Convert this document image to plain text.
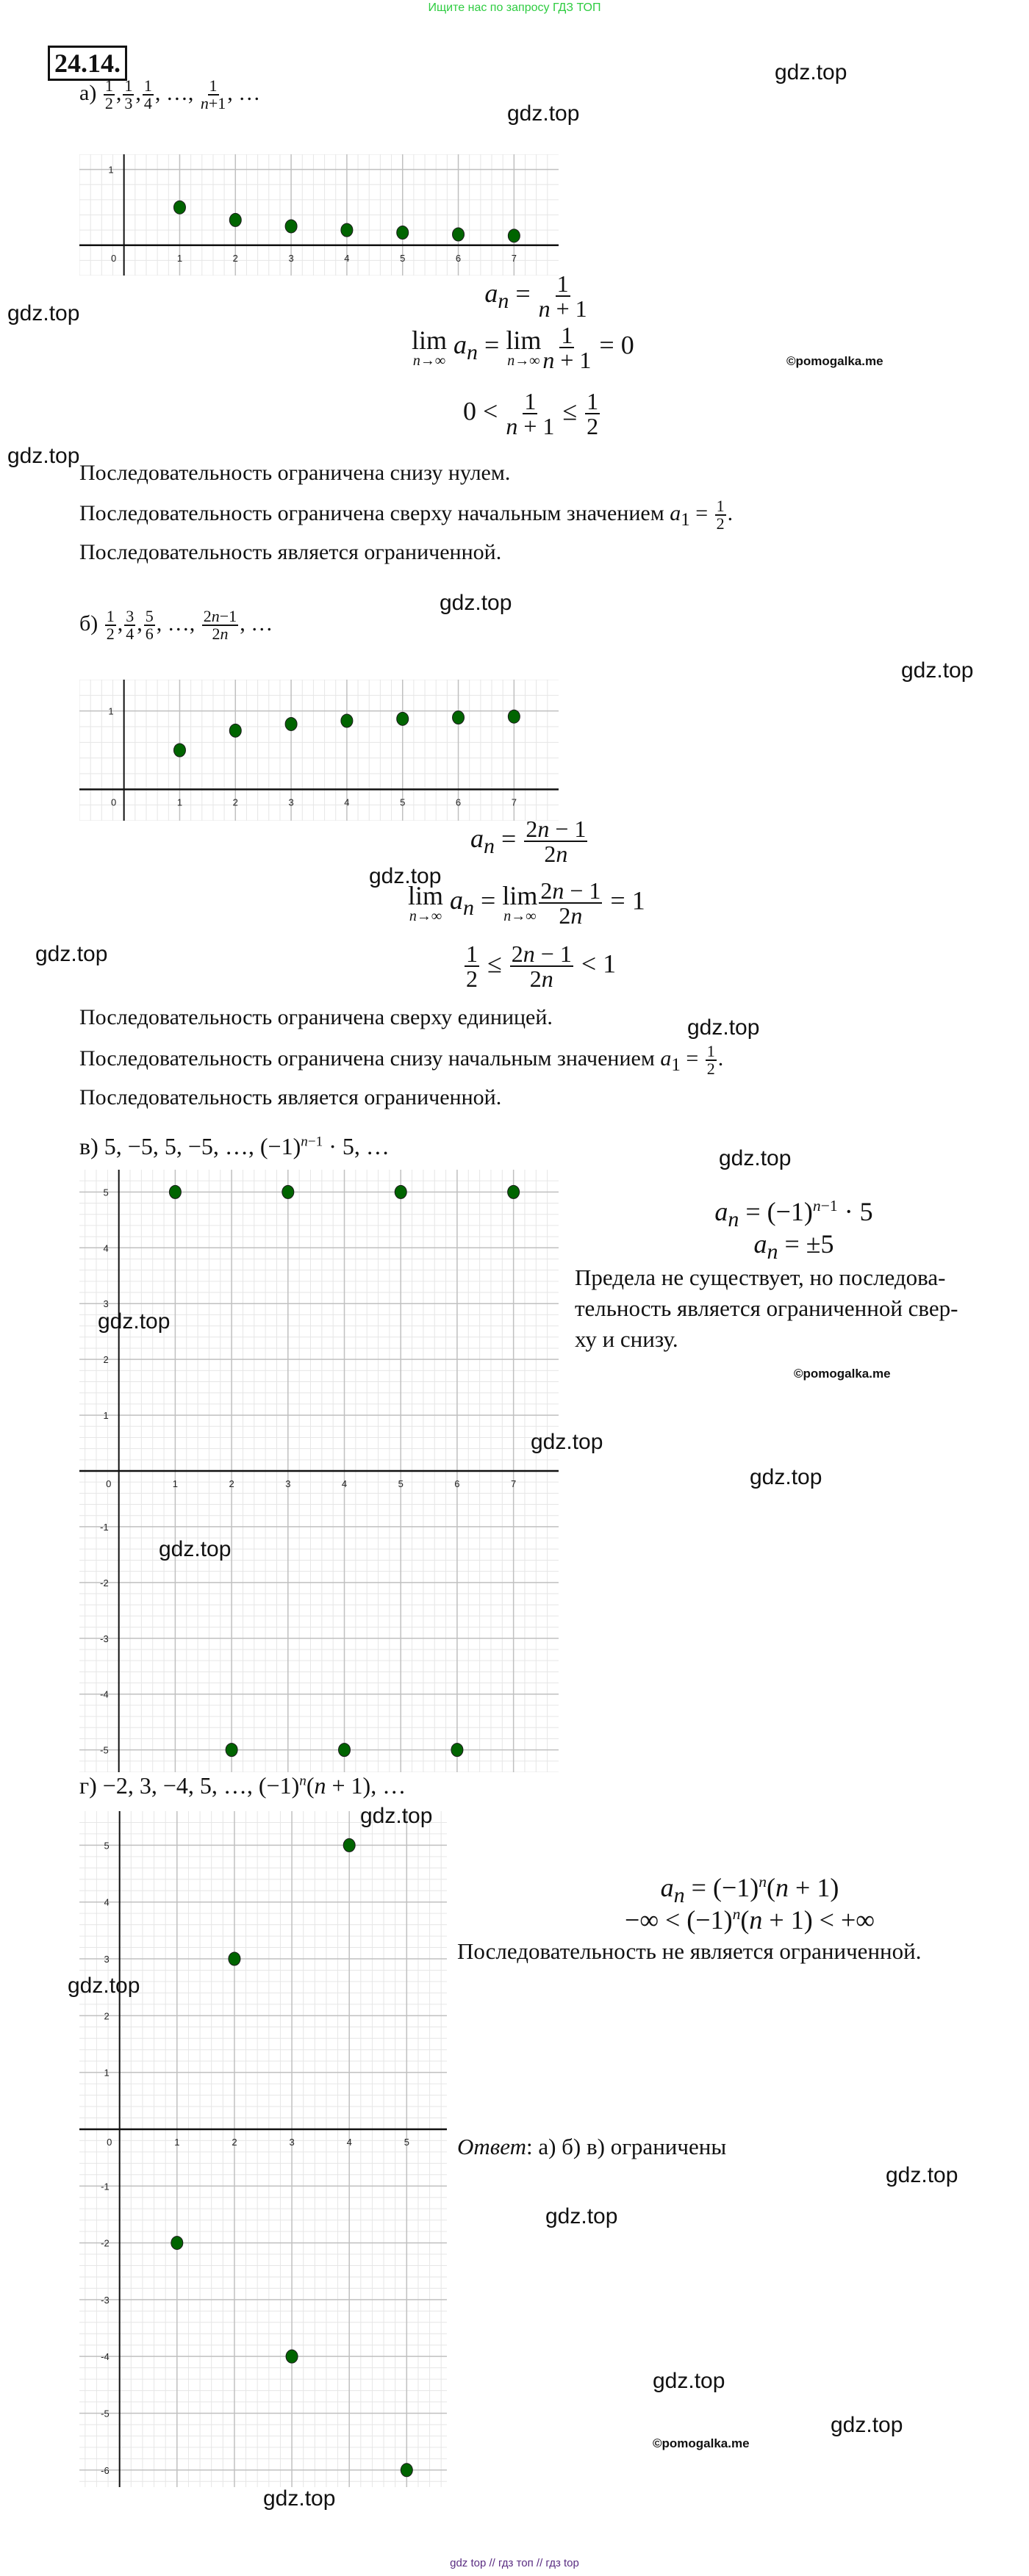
Ищите нас по запросу ГДЗ ТОП
24.14.
$а) \frac{1}{2}$ , $\frac{1}{3}$ , $\frac{1}{4}$ , …, $\frac{1}{n+1}$ , …
0	1	2	3	4	5	6	7
1
$a_n = \frac{1}{n + 1}$
lim
n→∞
$a_n = \lim$
$n\to\infty \frac{1}{n + 1} = 0$
$0 < \frac{1}{n + 1} \le \frac{1}{2}$
©pomogalka.me
Последовательность ограничена снизу нулем.
Последовательность ограничена сверху начальным значением $a_1 = \frac{1}{2}$ .
Последовательность является ограниченной.
$б) \frac{1}{2}$ , $\frac{3}{4}$ , $\frac{5}{6}$ , …, $\frac{2n-1}{2n}$ , …
0	1	2	3	4	5	6	7
1
$a_n = \frac{2n - 1}{2n}$
lim
n→∞
$a_n = \lim$
$n\to\infty \frac{2n - 1}{2n} = 1$
$\frac{1}{2} \le \frac{2n - 1}{2n} < 1$
Последовательность ограничена сверху единицей.
Последовательность ограничена снизу начальным значением $a_1 = \frac{1}{2}$ .
Последовательность является ограниченной.
в) 5, −5, 5, −5, …, $(-1)^{n-1} \cdot 5$, …
0	1	2	3	4	5	6	7
-5
-4
-3
-2
-1
1
2
3
4
5
$a_n = (-1)^{n-1} \cdot 5$
$a_n = \pm 5$
Предела не существует, но последова-
тельность является ограниченной свер-
ху и снизу.
©pomogalka.me
г) −2, 3, −4, 5, …, $(-1)^n(n + 1)$, …
0	1	2	3	4	5
-6
-5
-4
-3
-2
-1
1
2
3
4
5
$a_n = (-1)^n(n + 1)$
−∞ < $(-1)^n(n + 1)$ < +∞
Последовательность не является ограниченной.
Ответ: а) б) в) ограничены
©pomogalka.me
gdz.top
gdz.top
gdz.top
gdz.top
gdz.top
gdz.top
gdz.top
gdz.top
gdz.top
gdz.top
gdz.top
gdz.top
gdz.top
gdz.top
gdz.top
gdz.top
gdz.top
gdz.top
gdz.top
gdz.top
gdz.top
gdz top // гдз топ // гдз top
